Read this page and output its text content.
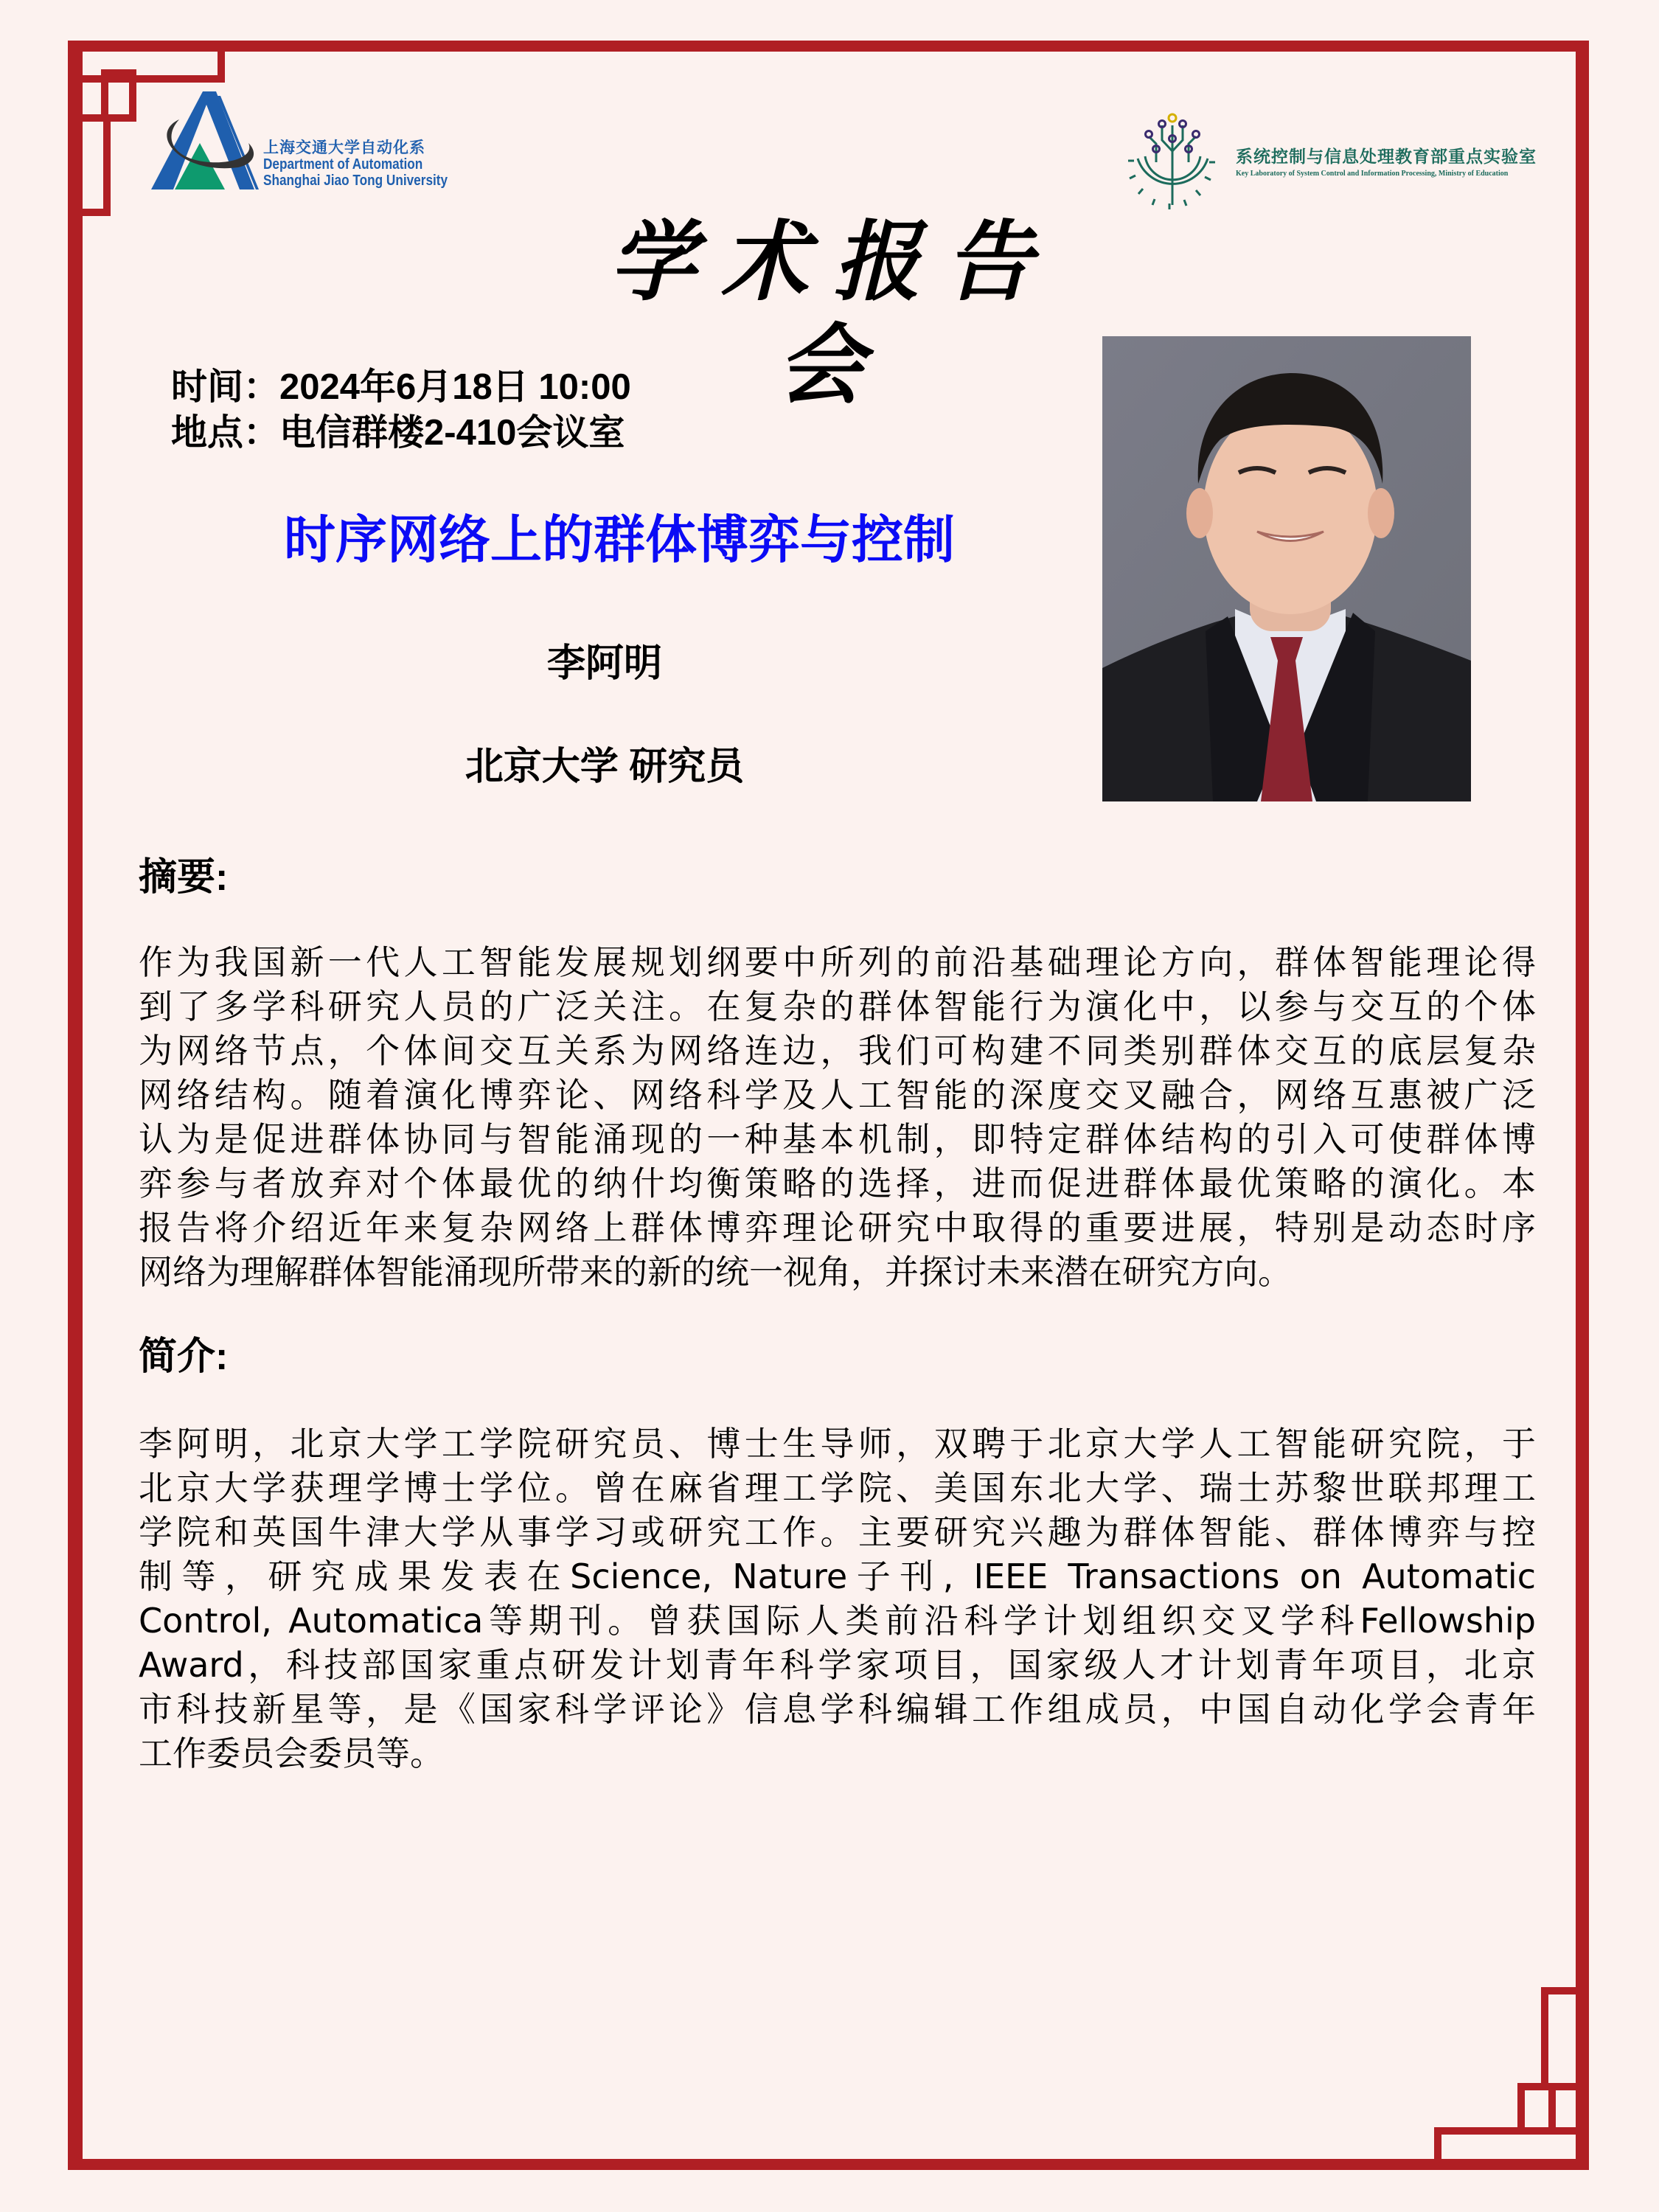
上海交通大学自动化系
Department of Automation
Shanghai Jiao Tong University
系统控制与信息处理教育部重点实验室
Key Laboratory of System Control and Information Processing, Ministry of Education
学术报告会
时间：2024年6月18日 10:00
地点：电信群楼2-410会议室
时序网络上的群体博弈与控制
李阿明
北京大学 研究员
摘要:
作为我国新一代人工智能发展规划纲要中所列的前沿基础理论方向，群体智能理论得
到了多学科研究人员的广泛关注。在复杂的群体智能行为演化中，以参与交互的个体
为网络节点，个体间交互关系为网络连边，我们可构建不同类别群体交互的底层复杂
网络结构。随着演化博弈论、网络科学及人工智能的深度交叉融合，网络互惠被广泛
认为是促进群体协同与智能涌现的一种基本机制，即特定群体结构的引入可使群体博
弈参与者放弃对个体最优的纳什均衡策略的选择，进而促进群体最优策略的演化。本
报告将介绍近年来复杂网络上群体博弈理论研究中取得的重要进展，特别是动态时序
网络为理解群体智能涌现所带来的新的统一视角，并探讨未来潜在研究方向。
简介:
李阿明，北京大学工学院研究员、博士生导师，双聘于北京大学人工智能研究院，于
北京大学获理学博士学位。曾在麻省理工学院、美国东北大学、瑞士苏黎世联邦理工
学院和英国牛津大学从事学习或研究工作。主要研究兴趣为群体智能、群体博弈与控
制等，研究成果发表在Science, Nature子刊, IEEE Transactions on Automatic
Control, Automatica等期刊。曾获国际人类前沿科学计划组织交叉学科Fellowship
Award，科技部国家重点研发计划青年科学家项目，国家级人才计划青年项目，北京
市科技新星等，是《国家科学评论》信息学科编辑工作组成员，中国自动化学会青年
工作委员会委员等。
